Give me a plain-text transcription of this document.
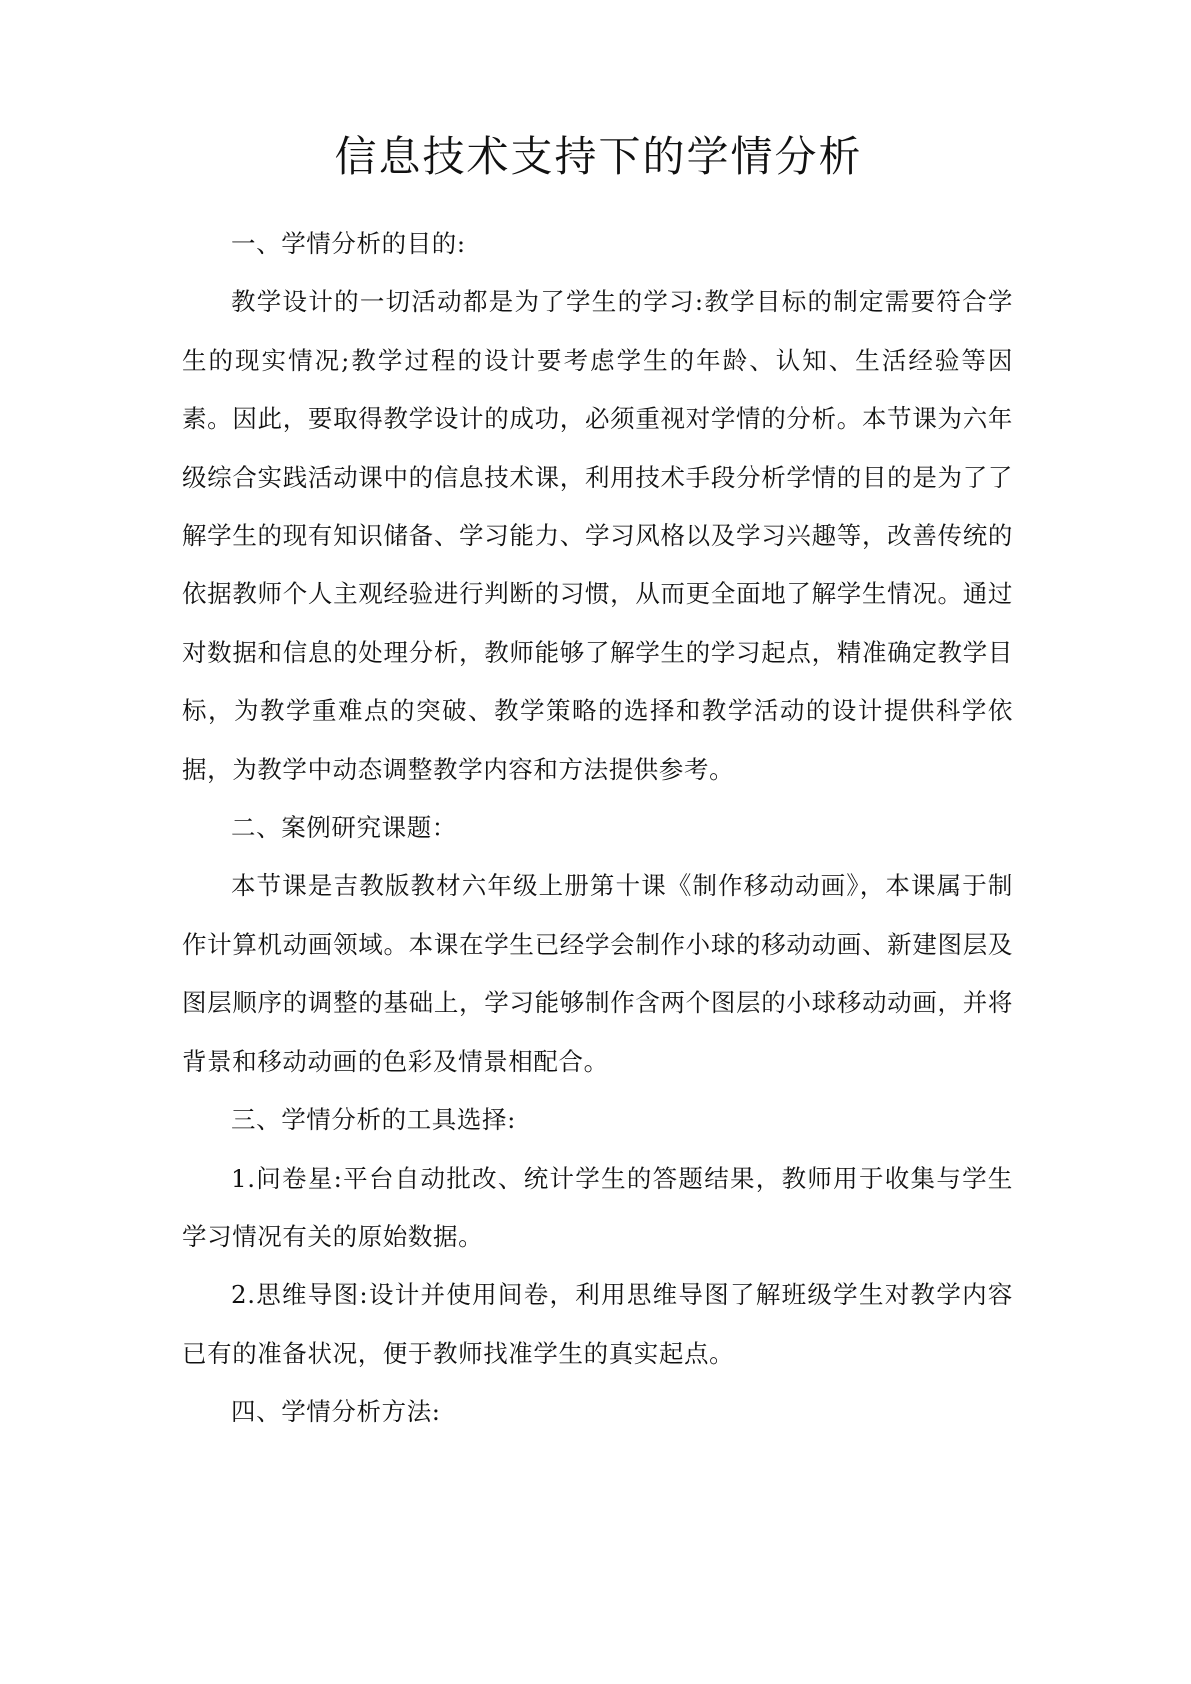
信息技术支持下的学情分析

一、学情分析的目的:

教学设计的一切活动都是为了学生的学习:教学目标的制定需要符合学生的现实情况;教学过程的设计要考虑学生的年龄、认知、生活经验等因素。因此，要取得教学设计的成功，必须重视对学情的分析。本节课为六年级综合实践活动课中的信息技术课，利用技术手段分析学情的目的是为了了解学生的现有知识储备、学习能力、学习风格以及学习兴趣等，改善传统的依据教师个人主观经验进行判断的习惯，从而更全面地了解学生情况。通过对数据和信息的处理分析，教师能够了解学生的学习起点，精准确定教学目标，为教学重难点的突破、教学策略的选择和教学活动的设计提供科学依据，为教学中动态调整教学内容和方法提供参考。

二、案例研究课题：

本节课是吉教版教材六年级上册第十课《制作移动动画》，本课属于制作计算机动画领域。本课在学生已经学会制作小球的移动动画、新建图层及图层顺序的调整的基础上，学习能够制作含两个图层的小球移动动画，并将背景和移动动画的色彩及情景相配合。

三、学情分析的工具选择:

1.问卷星:平台自动批改、统计学生的答题结果，教师用于收集与学生学习情况有关的原始数据。

2.思维导图:设计并使用间卷，利用思维导图了解班级学生对教学内容已有的准备状况，便于教师找准学生的真实起点。

四、学情分析方法:
